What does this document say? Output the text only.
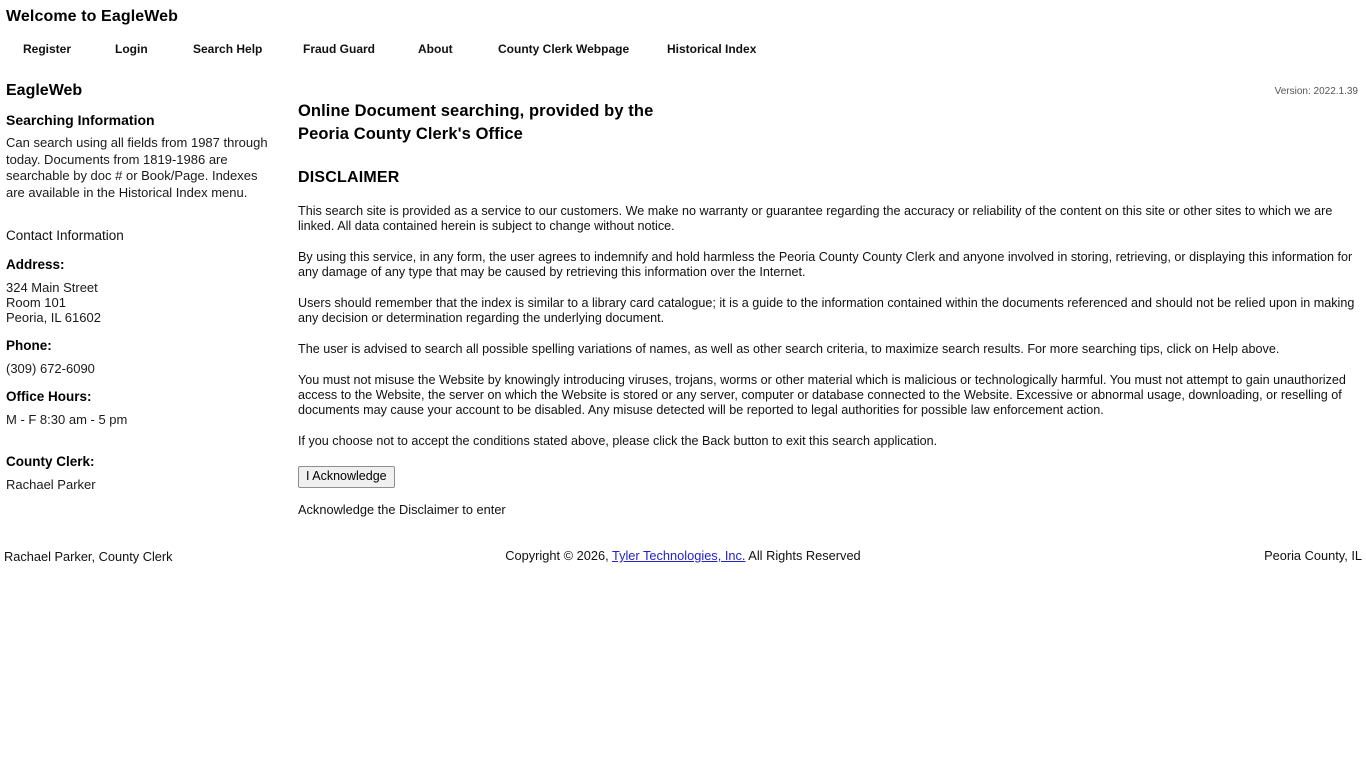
Welcome to EagleWeb
Register	Login	Search Help	Fraud Guard	About	County Clerk Webpage	Historical Index
Version: 2022.1.39
EagleWeb
Searching Information

Can search using all fields from 1987 through today. Documents from 1819-1986 are searchable by doc # or Book/Page. Indexes are available in the Historical Index menu.

Contact Information
Address:
324 Main Street
Room 101
Peoria, IL 61602
Phone:
(309) 672-6090
Office Hours:
M - F 8:30 am - 5 pm
County Clerk:
Rachael Parker
Online Document searching, provided by the
Peoria County Clerk's Office
DISCLAIMER

This search site is provided as a service to our customers. We make no warranty or guarantee regarding the accuracy or reliability of the content on this site or other sites to which we are linked. All data contained herein is subject to change without notice.

By using this service, in any form, the user agrees to indemnify and hold harmless the Peoria County County Clerk and anyone involved in storing, retrieving, or displaying this information for any damage of any type that may be caused by retrieving this information over the Internet.

Users should remember that the index is similar to a library card catalogue; it is a guide to the information contained within the documents referenced and should not be relied upon in making any decision or determination regarding the underlying document.

The user is advised to search all possible spelling variations of names, as well as other search criteria, to maximize search results. For more searching tips, click on Help above.

You must not misuse the Website by knowingly introducing viruses, trojans, worms or other material which is malicious or technologically harmful. You must not attempt to gain unauthorized access to the Website, the server on which the Website is stored or any server, computer or database connected to the Website. Excessive or abnormal usage, downloading, or reselling of documents may cause your account to be disabled. Any misuse detected will be reported to legal authorities for possible law enforcement action.

If you choose not to accept the conditions stated above, please click the Back button to exit this search application.

I Acknowledge

Acknowledge the Disclaimer to enter

Rachael Parker, County Clerk	Copyright © 2026, Tyler Technologies, Inc. All Rights Reserved	Peoria County, IL
